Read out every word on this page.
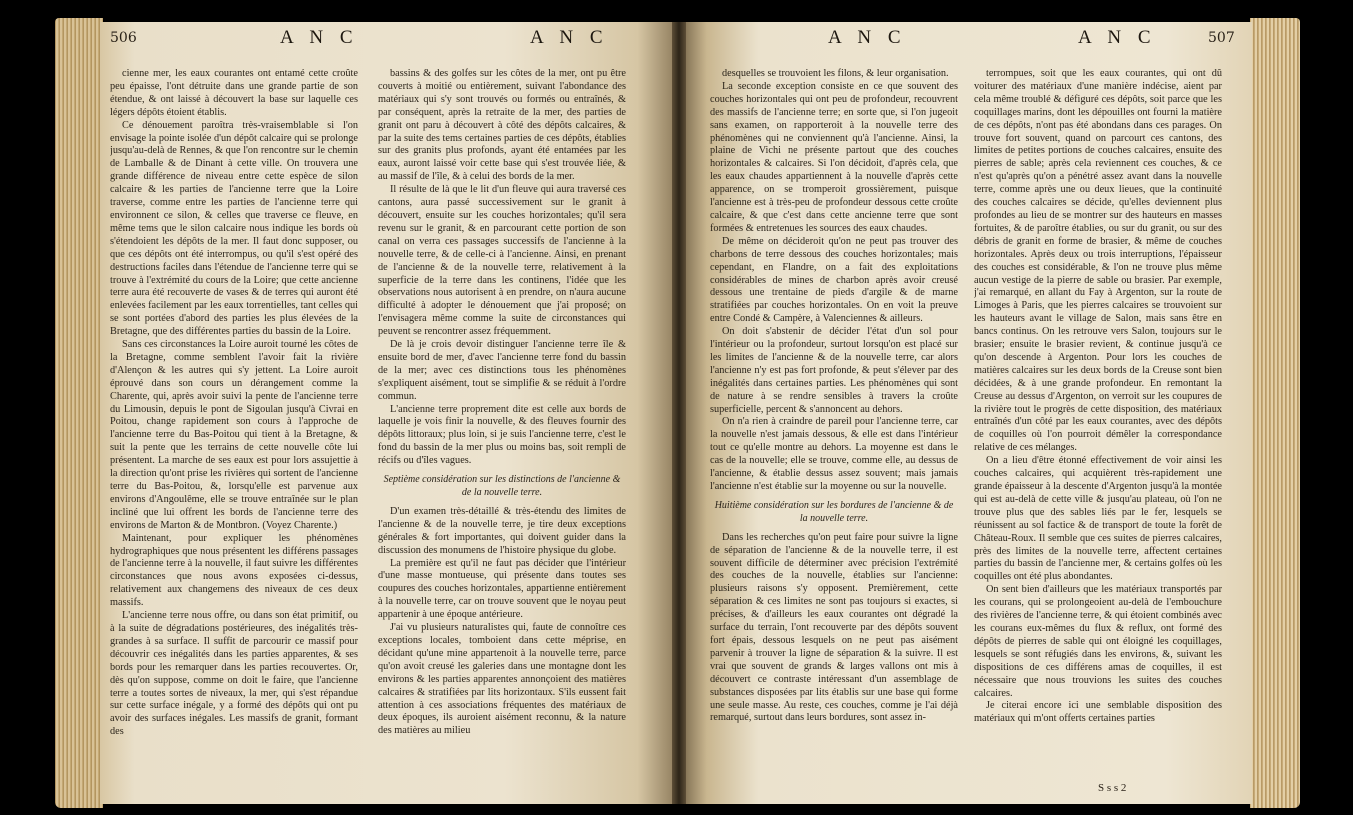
506	A N C	A N C

cienne mer, les eaux courantes ont entamé cette croûte peu épaisse, l'ont détruite dans une grande partie de son étendue, & ont laissé à découvert la base sur laquelle ces légers dépôts étoient établis.

Ce dénouement paroîtra très-vraisemblable si l'on envisage la pointe isolée d'un dépôt calcaire qui se prolonge jusqu'au-delà de Rennes, & que l'on rencontre sur le chemin de Lamballe & de Dinant à cette ville. On trouvera une grande différence de niveau entre cette espèce de silon calcaire & les parties de l'ancienne terre que la Loire traverse, comme entre les parties de l'ancienne terre qui environnent ce silon, & celles que traverse ce fleuve, en même tems que le silon calcaire nous indique les bords où s'étendoient les dépôts de la mer. Il faut donc supposer, ou que ces dépôts ont été interrompus, ou qu'il s'est opéré des destructions faciles dans l'étendue de l'ancienne terre qui se trouve à l'extrémité du cours de la Loire; que cette ancienne terre aura été recouverte de vases & de terres qui auront été enlevées facilement par les eaux torrentielles, tant celles qui se sont portées d'abord des parties les plus élevées de la Bretagne, que des différentes parties du bassin de la Loire.

Sans ces circonstances la Loire auroit tourné les côtes de la Bretagne, comme semblent l'avoir fait la rivière d'Alençon & les autres qui s'y jettent. La Loire auroit éprouvé dans son cours un dérangement comme la Charente, qui, après avoir suivi la pente de l'ancienne terre du Limousin, depuis le pont de Sigoulan jusqu'à Civrai en Poitou, change rapidement son cours à l'approche de l'ancienne terre du Bas-Poitou qui tient à la Bretagne, & suit la pente que les terrains de cette nouvelle côte lui présentent. La marche de ses eaux est pour lors assujettie à la direction qu'ont prise les rivières qui sortent de l'ancienne terre du Bas-Poitou, &, lorsqu'elle est parvenue aux environs d'Angoulême, elle se trouve entraînée sur le plan incliné que lui offrent les bords de l'ancienne terre des environs de Marton & de Montbron. (Voyez Charente.)

Maintenant, pour expliquer les phénomènes hydrographiques que nous présentent les différens passages de l'ancienne terre à la nouvelle, il faut suivre les différentes circonstances que nous avons exposées ci-dessus, relativement aux changemens des niveaux de ces deux massifs.

L'ancienne terre nous offre, ou dans son état primitif, ou à la suite de dégradations postérieures, des inégalités très-grandes à sa surface. Il suffit de parcourir ce massif pour découvrir ces inégalités dans les parties apparentes, & ses bords pour les remarquer dans les parties recouvertes. Or, dès qu'on suppose, comme on doit le faire, que l'ancienne terre a toutes sortes de niveaux, la mer, qui s'est répandue sur cette surface inégale, y a formé des dépôts qui ont pu avoir des surfaces inégales. Les massifs de granit, formant des

bassins & des golfes sur les côtes de la mer, ont pu être couverts à moitié ou entièrement, suivant l'abondance des matériaux qui s'y sont trouvés ou formés ou entraînés, & par conséquent, après la retraite de la mer, des parties de granit ont paru à découvert à côté des dépôts calcaires, & par la suite des tems certaines parties de ces dépôts, établies sur des granits plus profonds, ayant été entamées par les eaux, auront laissé voir cette base qui s'est trouvée liée, & au massif de l'île, & à celui des bords de la mer.

Il résulte de là que le lit d'un fleuve qui aura traversé ces cantons, aura passé successivement sur le granit à découvert, ensuite sur les couches horizontales; qu'il sera revenu sur le granit, & en parcourant cette portion de son canal on verra ces passages successifs de l'ancienne à la nouvelle terre, & de celle-ci à l'ancienne. Ainsi, en prenant de l'ancienne & de la nouvelle terre, relativement à la superficie de la terre dans les continens, l'idée que les observations nous autorisent à en prendre, on n'aura aucune difficulté à adopter le dénouement que j'ai proposé; on l'envisagera même comme la suite de circonstances qui peuvent se rencontrer assez fréquemment.

De là je crois devoir distinguer l'ancienne terre île & ensuite bord de mer, d'avec l'ancienne terre fond du bassin de la mer; avec ces distinctions tous les phénomènes s'expliquent aisément, tout se simplifie & se réduit à l'ordre commun.

L'ancienne terre proprement dite est celle aux bords de laquelle je vois finir la nouvelle, & des fleuves fournir des dépôts littoraux; plus loin, si je suis l'ancienne terre, c'est le fond du bassin de la mer plus ou moins bas, soit rempli de récifs ou d'îles vagues.

Septième considération sur les distinctions de l'ancienne & de la nouvelle terre.

D'un examen très-détaillé & très-étendu des limites de l'ancienne & de la nouvelle terre, je tire deux exceptions générales & fort importantes, qui doivent guider dans la discussion des monumens de l'histoire physique du globe.

La première est qu'il ne faut pas décider que l'intérieur d'une masse montueuse, qui présente dans toutes ses coupures des couches horizontales, appartienne entièrement à la nouvelle terre, car on trouve souvent que le noyau peut appartenir à une époque antérieure.

J'ai vu plusieurs naturalistes qui, faute de connoître ces exceptions locales, tomboient dans cette méprise, en décidant qu'une mine appartenoit à la nouvelle terre, parce qu'on avoit creusé les galeries dans une montagne dont les environs & les parties apparentes annonçoient des matières calcaires & stratifiées par lits horizontaux. S'ils eussent fait attention à ces associations fréquentes des matériaux de deux époques, ils auroient aisément reconnu, & la nature des matières au milieu

A N C	A N C	507

desquelles se trouvoient les filons, & leur organisation.

La seconde exception consiste en ce que souvent des couches horizontales qui ont peu de profondeur, recouvrent des massifs de l'ancienne terre; en sorte que, si l'on jugeoit sans examen, on rapporteroit à la nouvelle terre des phénomènes qui ne conviennent qu'à l'ancienne. Ainsi, la plaine de Vichi ne présente partout que des couches horizontales & calcaires. Si l'on décidoit, d'après cela, que les eaux chaudes appartiennent à la nouvelle d'après cette apparence, on se tromperoit grossièrement, puisque l'ancienne est à très-peu de profondeur dessous cette croûte calcaire, & que c'est dans cette ancienne terre que sont formées & entretenues les sources des eaux chaudes.

De même on décideroit qu'on ne peut pas trouver des charbons de terre dessous des couches horizontales; mais cependant, en Flandre, on a fait des exploitations considérables de mines de charbon après avoir creusé dessous une trentaine de pieds d'argile & de marne stratifiées par couches horizontales. On en voit la preuve entre Condé & Campère, à Valenciennes & ailleurs.

On doit s'abstenir de décider l'état d'un sol pour l'intérieur ou la profondeur, surtout lorsqu'on est placé sur les limites de l'ancienne & de la nouvelle terre, car alors l'ancienne n'y est pas fort profonde, & peut s'élever par des inégalités dans certaines parties. Les phénomènes qui sont de nature à se rendre sensibles à travers la croûte superficielle, percent & s'annoncent au dehors.

On n'a rien à craindre de pareil pour l'ancienne terre, car la nouvelle n'est jamais dessous, & elle est dans l'intérieur tout ce qu'elle montre au dehors. La moyenne est dans le cas de la nouvelle; elle se trouve, comme elle, au dessus de l'ancienne, & établie dessus assez souvent; mais jamais l'ancienne n'est établie sur la moyenne ou sur la nouvelle.

Huitième considération sur les bordures de l'ancienne & de la nouvelle terre.

Dans les recherches qu'on peut faire pour suivre la ligne de séparation de l'ancienne & de la nouvelle terre, il est souvent difficile de déterminer avec précision l'extrémité des couches de la nouvelle, établies sur l'ancienne: plusieurs raisons s'y opposent. Premièrement, cette séparation & ces limites ne sont pas toujours si exactes, si précises, & d'ailleurs les eaux courantes ont dégradé la surface du terrain, l'ont recouverte par des dépôts souvent fort épais, dessous lesquels on ne peut pas aisément parvenir à trouver la ligne de séparation & la suivre. Il est vrai que souvent de grands & larges vallons ont mis à découvert ce contraste intéressant d'un assemblage de substances disposées par lits établis sur une base qui forme une seule masse. Au reste, ces couches, comme je l'ai déjà remarqué, surtout dans leurs bordures, sont assez in-

terrompues, soit que les eaux courantes, qui ont dû voiturer des matériaux d'une manière indécise, aient par cela même troublé & défiguré ces dépôts, soit parce que les coquillages marins, dont les dépouilles ont fourni la matière de ces dépôts, n'ont pas été abondans dans ces parages. On trouve fort souvent, quand on parcourt ces cantons, des limites de petites portions de couches calcaires, ensuite des pierres de sable; après cela reviennent ces couches, & ce n'est qu'après qu'on a pénétré assez avant dans la nouvelle terre, comme après une ou deux lieues, que la continuité des couches calcaires se décide, qu'elles deviennent plus profondes au lieu de se montrer sur des hauteurs en masses fortuites, & de paroître établies, ou sur du granit, ou sur des débris de granit en forme de brasier, & même de couches horizontales. Après deux ou trois interruptions, l'épaisseur des couches est considérable, & l'on ne trouve plus même aucun vestige de la pierre de sable ou brasier. Par exemple, j'ai remarqué, en allant du Fay à Argenton, sur la route de Limoges à Paris, que les pierres calcaires se trouvoient sur les hauteurs avant le village de Salon, mais sans être en bancs continus. On les retrouve vers Salon, toujours sur le brasier; ensuite le brasier revient, & continue jusqu'à ce qu'on descende à Argenton. Pour lors les couches de matières calcaires sur les deux bords de la Creuse sont bien décidées, & à une grande profondeur. En remontant la Creuse au dessus d'Argenton, on verroit sur les coupures de la rivière tout le progrès de cette disposition, des matériaux entraînés d'un côté par les eaux courantes, avec des dépôts de coquilles où l'on pourroit démêler la correspondance relative de ces mélanges.

On a lieu d'être étonné effectivement de voir ainsi les couches calcaires, qui acquièrent très-rapidement une grande épaisseur à la descente d'Argenton jusqu'à la montée qui est au-delà de cette ville & jusqu'au plateau, où l'on ne trouve plus que des sables liés par le fer, lesquels se réunissent au sol factice & de transport de toute la forêt de Château-Roux. Il semble que ces suites de pierres calcaires, près des limites de la nouvelle terre, affectent certaines parties du bassin de l'ancienne mer, & certains golfes où les coquilles ont été plus abondantes.

On sent bien d'ailleurs que les matériaux transportés par les courans, qui se prolongeoient au-delà de l'embouchure des rivières de l'ancienne terre, & qui étoient combinés avec les courans eux-mêmes du flux & reflux, ont formé des dépôts de pierres de sable qui ont éloigné les coquillages, lesquels se sont réfugiés dans les environs, &, suivant les dispositions de ces différens amas de coquilles, il est nécessaire que nous trouvions les suites des couches calcaires.

Je citerai encore ici une semblable disposition des matériaux qui m'ont offerts certaines parties

S s s 2
